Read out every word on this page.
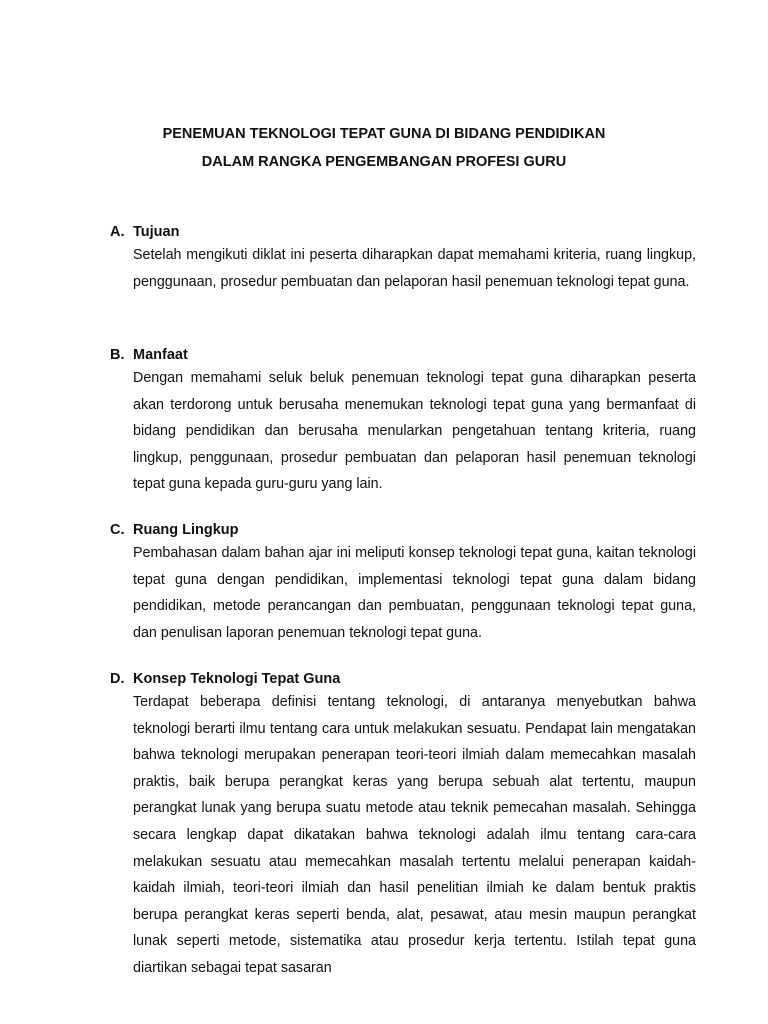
PENEMUAN TEKNOLOGI TEPAT GUNA DI BIDANG PENDIDIKAN
DALAM RANGKA PENGEMBANGAN PROFESI GURU
A. Tujuan

Setelah mengikuti diklat ini peserta diharapkan dapat memahami kriteria, ruang lingkup, penggunaan, prosedur pembuatan dan pelaporan hasil penemuan teknologi tepat guna.

B. Manfaat

Dengan memahami seluk beluk penemuan teknologi tepat guna diharapkan peserta akan terdorong untuk berusaha menemukan teknologi tepat guna yang bermanfaat di bidang pendidikan dan berusaha menularkan pengetahuan tentang kriteria, ruang lingkup, penggunaan, prosedur pembuatan dan pelaporan hasil penemuan teknologi tepat guna kepada guru-guru yang lain.

C. Ruang Lingkup

Pembahasan dalam bahan ajar ini meliputi konsep teknologi tepat guna, kaitan teknologi tepat guna dengan pendidikan, implementasi teknologi tepat guna dalam bidang pendidikan, metode perancangan dan pembuatan, penggunaan teknologi tepat guna, dan penulisan laporan penemuan teknologi tepat guna.

D. Konsep Teknologi Tepat Guna

Terdapat beberapa definisi tentang teknologi, di antaranya menyebutkan bahwa teknologi berarti ilmu tentang cara untuk melakukan sesuatu. Pendapat lain mengatakan bahwa teknologi merupakan penerapan teori-teori ilmiah dalam memecahkan masalah praktis, baik berupa perangkat keras yang berupa sebuah alat tertentu, maupun perangkat lunak yang berupa suatu metode atau teknik pemecahan masalah. Sehingga secara lengkap dapat dikatakan bahwa teknologi adalah ilmu tentang cara-cara melakukan sesuatu atau memecahkan masalah tertentu melalui penerapan kaidah-kaidah ilmiah, teori-teori ilmiah dan hasil penelitian ilmiah ke dalam bentuk praktis berupa perangkat keras seperti benda, alat, pesawat, atau mesin maupun perangkat lunak seperti metode, sistematika atau prosedur kerja tertentu. Istilah tepat guna diartikan sebagai tepat sasaran
